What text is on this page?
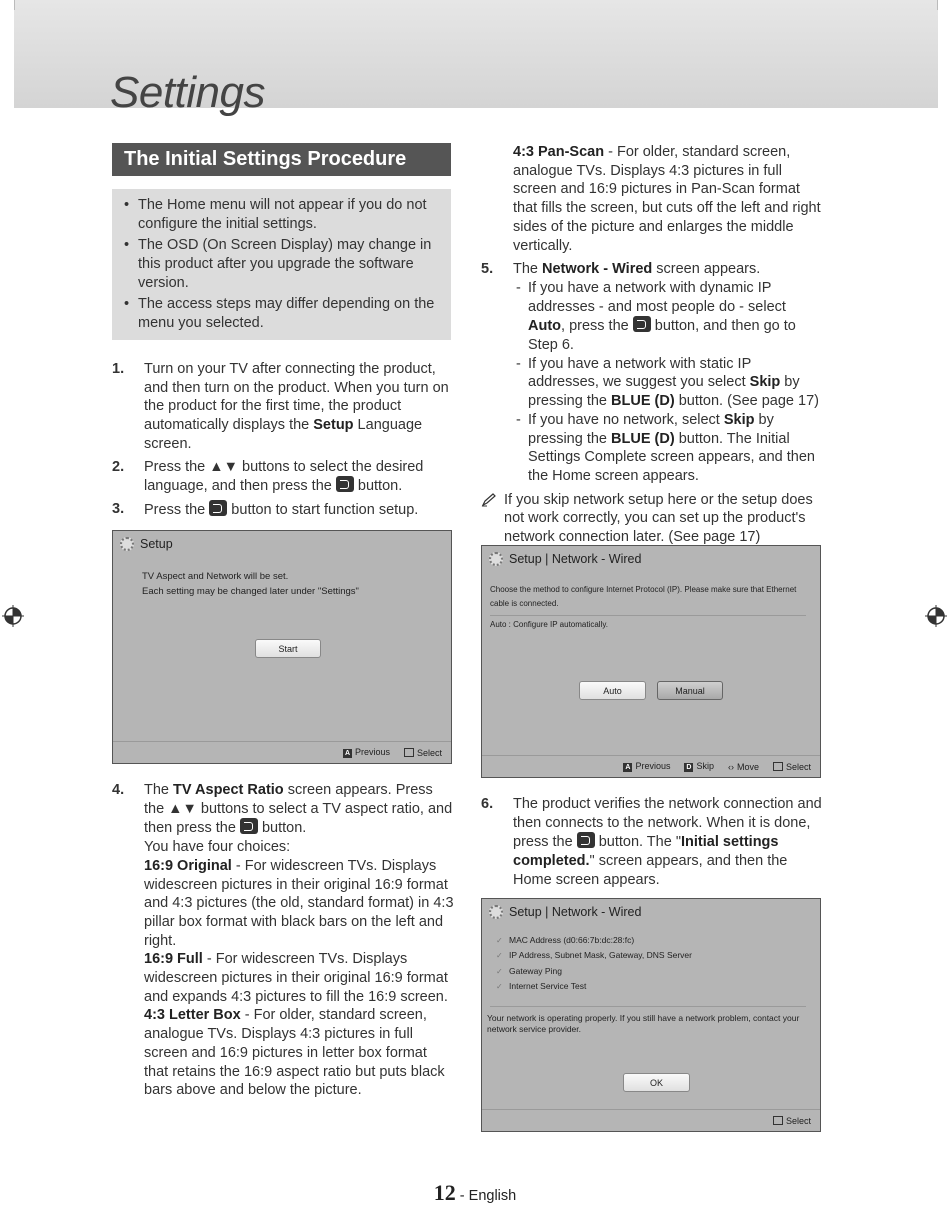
Settings
The Initial Settings Procedure
• The Home menu will not appear if you do not configure the initial settings.
• The OSD (On Screen Display) may change in this product after you upgrade the software version.
• The access steps may differ depending on the menu you selected.
1. Turn on your TV after connecting the product, and then turn on the product. When you turn on the product for the first time, the product automatically displays the Setup Language screen.

2. Press the ▲▼ buttons to select the desired language, and then press the  button.

3. Press the  button to start function setup.

Setup
TV Aspect and Network will be set.
Each setting may be changed later under "Settings"
Start
A Previous	Select
4. The TV Aspect Ratio screen appears. Press the ▲▼ buttons to select a TV aspect ratio, and then press the  button.

You have four choices:

16:9 Original - For widescreen TVs. Displays widescreen pictures in their original 16:9 format and 4:3 pictures (the old, standard format) in 4:3 pillar box format with black bars on the left and right.

16:9 Full - For widescreen TVs. Displays widescreen pictures in their original 16:9 format and expands 4:3 pictures to fill the 16:9 screen.

4:3 Letter Box - For older, standard screen, analogue TVs. Displays 4:3 pictures in full screen and 16:9 pictures in letter box format that retains the 16:9 aspect ratio but puts black bars above and below the picture.

4:3 Pan-Scan - For older, standard screen, analogue TVs. Displays 4:3 pictures in full screen and 16:9 pictures in Pan-Scan format that fills the screen, but cuts off the left and right sides of the picture and enlarges the middle vertically.

5. The Network - Wired screen appears.

- If you have a network with dynamic IP addresses - and most people do - select Auto, press the  button, and then go to Step 6.
- If you have a network with static IP addresses, we suggest you select Skip by pressing the BLUE (D) button. (See page 17)
- If you have no network, select Skip by pressing the BLUE (D) button. The Initial Settings Complete screen appears, and then the Home screen appears.

If you skip network setup here or the setup does not work correctly, you can set up the product's network connection later. (See page 17)

Setup | Network - Wired
Choose the method to configure Internet Protocol (IP). Please make sure that Ethernet cable is connected.
Auto : Configure IP automatically.
Auto	Manual
A Previous D Skip ‹› Move	Select
6. The product verifies the network connection and then connects to the network. When it is done, press the  button. The "Initial settings completed." screen appears, and then the Home screen appears.

Setup | Network - Wired
✓ MAC Address (d0:66:7b:dc:28:fc)
✓ IP Address, Subnet Mask, Gateway, DNS Server
✓ Gateway Ping
✓ Internet Service Test
Your network is operating properly. If you still have a network problem, contact your network service provider.
OK
Select
12 - English
